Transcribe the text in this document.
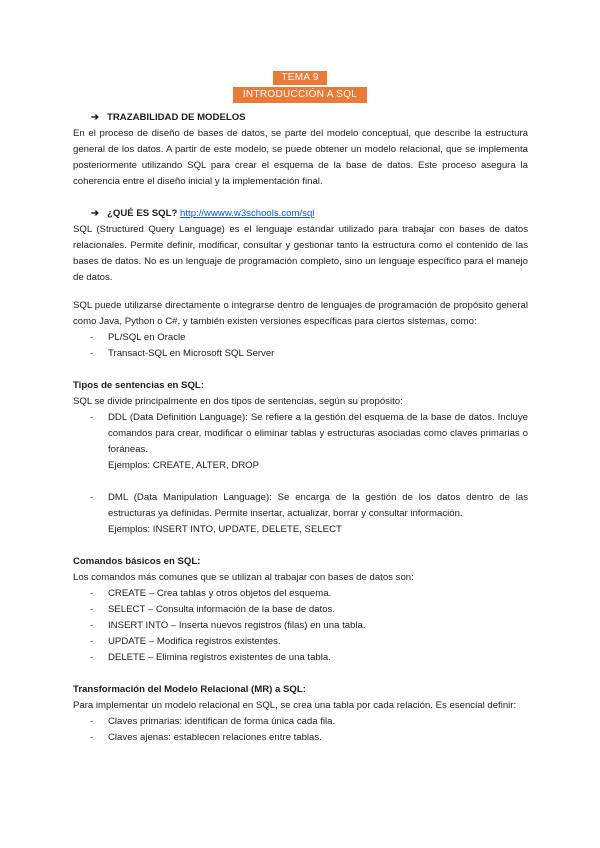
TEMA 9
INTRODUCCIÓN A SQL

➔ TRAZABILIDAD DE MODELOS

En el proceso de diseño de bases de datos, se parte del modelo conceptual, que describe la estructura general de los datos. A partir de este modelo, se puede obtener un modelo relacional, que se implementa posteriormente utilizando SQL para crear el esquema de la base de datos. Este proceso asegura la coherencia entre el diseño inicial y la implementación final.

➔ ¿QUÉ ES SQL? http://wwww.w3schools.com/sql

SQL (Structured Query Language) es el lenguaje estándar utilizado para trabajar con bases de datos relacionales. Permite definir, modificar, consultar y gestionar tanto la estructura como el contenido de las bases de datos. No es un lenguaje de programación completo, sino un lenguaje específico para el manejo de datos.

SQL puede utilizarse directamente o integrarse dentro de lenguajes de programación de propósito general como Java, Python o C#, y también existen versiones específicas para ciertos sistemas, como:

- PL/SQL en Oracle
- Transact-SQL en Microsoft SQL Server

Tipos de sentencias en SQL:

SQL se divide principalmente en dos tipos de sentencias, según su propósito:

- DDL (Data Definition Language): Se refiere a la gestión del esquema de la base de datos. Incluye comandos para crear, modificar o eliminar tablas y estructuras asociadas como claves primarias o foráneas.
Ejemplos: CREATE, ALTER, DROP
- DML (Data Manipulation Language): Se encarga de la gestión de los datos dentro de las estructuras ya definidas. Permite insertar, actualizar, borrar y consultar información.
Ejemplos: INSERT INTO, UPDATE, DELETE, SELECT

Comandos básicos en SQL:

Los comandos más comunes que se utilizan al trabajar con bases de datos son:

- CREATE – Crea tablas y otros objetos del esquema.
- SELECT – Consulta información de la base de datos.
- INSERT INTO – Inserta nuevos registros (filas) en una tabla.
- UPDATE – Modifica registros existentes.
- DELETE – Elimina registros existentes de una tabla.

Transformación del Modelo Relacional (MR) a SQL:

Para implementar un modelo relacional en SQL, se crea una tabla por cada relación. Es esencial definir:

- Claves primarias: identifican de forma única cada fila.
- Claves ajenas: establecen relaciones entre tablas.
